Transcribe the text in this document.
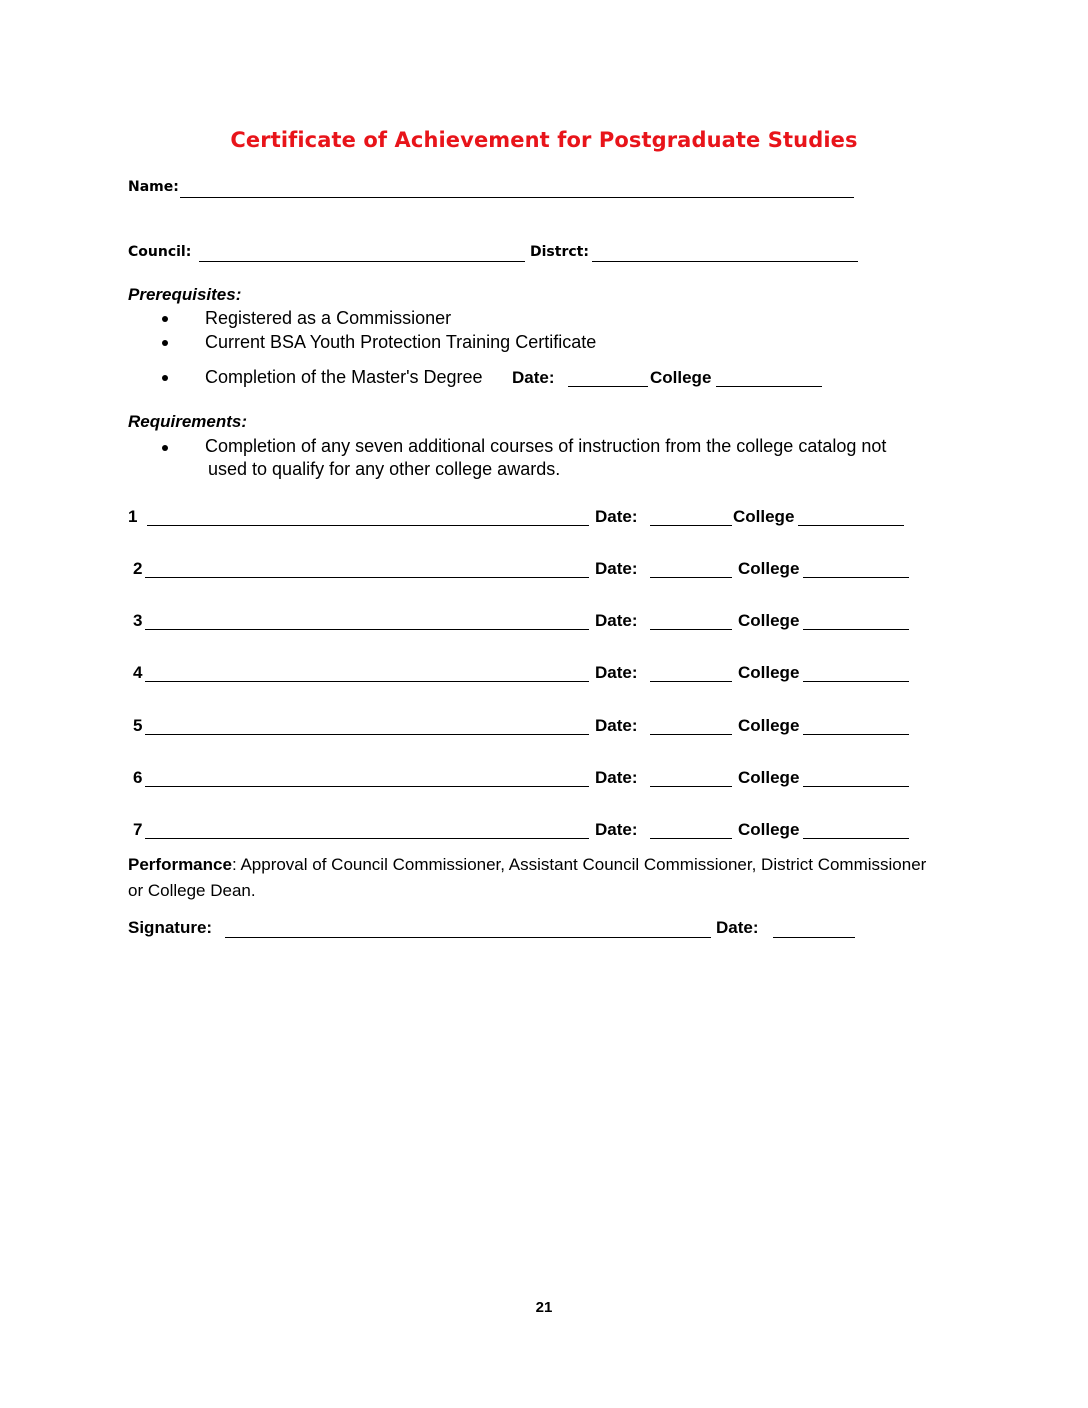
Certificate of Achievement for Postgraduate Studies
Name:
Council:	Distrct:
Prerequisites:
Registered as a Commissioner
Current BSA Youth Protection Training Certificate
Completion of the Master's Degree Date:	College
Requirements:
Completion of any seven additional courses of instruction from the college catalog not
used to qualify for any other college awards.
1	Date:	College
2	Date:	College
3	Date:	College
4	Date:	College
5	Date:	College
6	Date:	College
7	Date:	College
Performance: Approval of Council Commissioner, Assistant Council Commissioner, District Commissioner or College Dean.
Signature:	Date:
21
